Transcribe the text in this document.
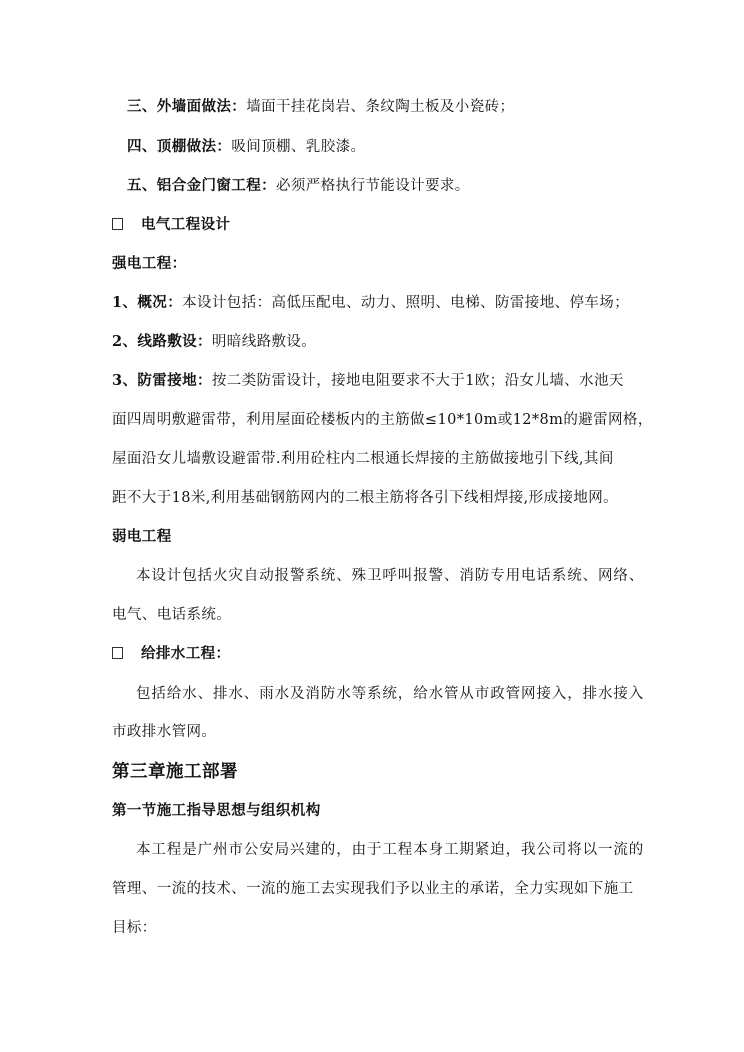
三、外墙面做法：墙面干挂花岗岩、条纹陶土板及小瓷砖；
四、顶棚做法：吸间顶棚、乳胶漆。
五、铝合金门窗工程：必须严格执行节能设计要求。
电气工程设计
强电工程：
1、概况：本设计包括：高低压配电、动力、照明、电梯、防雷接地、停车场；
2、线路敷设：明暗线路敷设。
3、防雷接地：按二类防雷设计，接地电阻要求不大于1欧；沿女儿墙、水池天
面四周明敷避雷带，利用屋面砼楼板内的主筋做≤10*10m或12*8m的避雷网格，
屋面沿女儿墙敷设避雷带.利用砼柱内二根通长焊接的主筋做接地引下线,其间
距不大于18米,利用基础钢筋网内的二根主筋将各引下线相焊接,形成接地网。
弱电工程
本设计包括火灾自动报警系统、殊卫呼叫报警、消防专用电话系统、网络、
电气、电话系统。
给排水工程：
包括给水、排水、雨水及消防水等系统，给水管从市政管网接入，排水接入
市政排水管网。
第三章施工部署
第一节施工指导思想与组织机构
本工程是广州市公安局兴建的，由于工程本身工期紧迫，我公司将以一流的
管理、一流的技术、一流的施工去实现我们予以业主的承诺，全力实现如下施工
目标：
